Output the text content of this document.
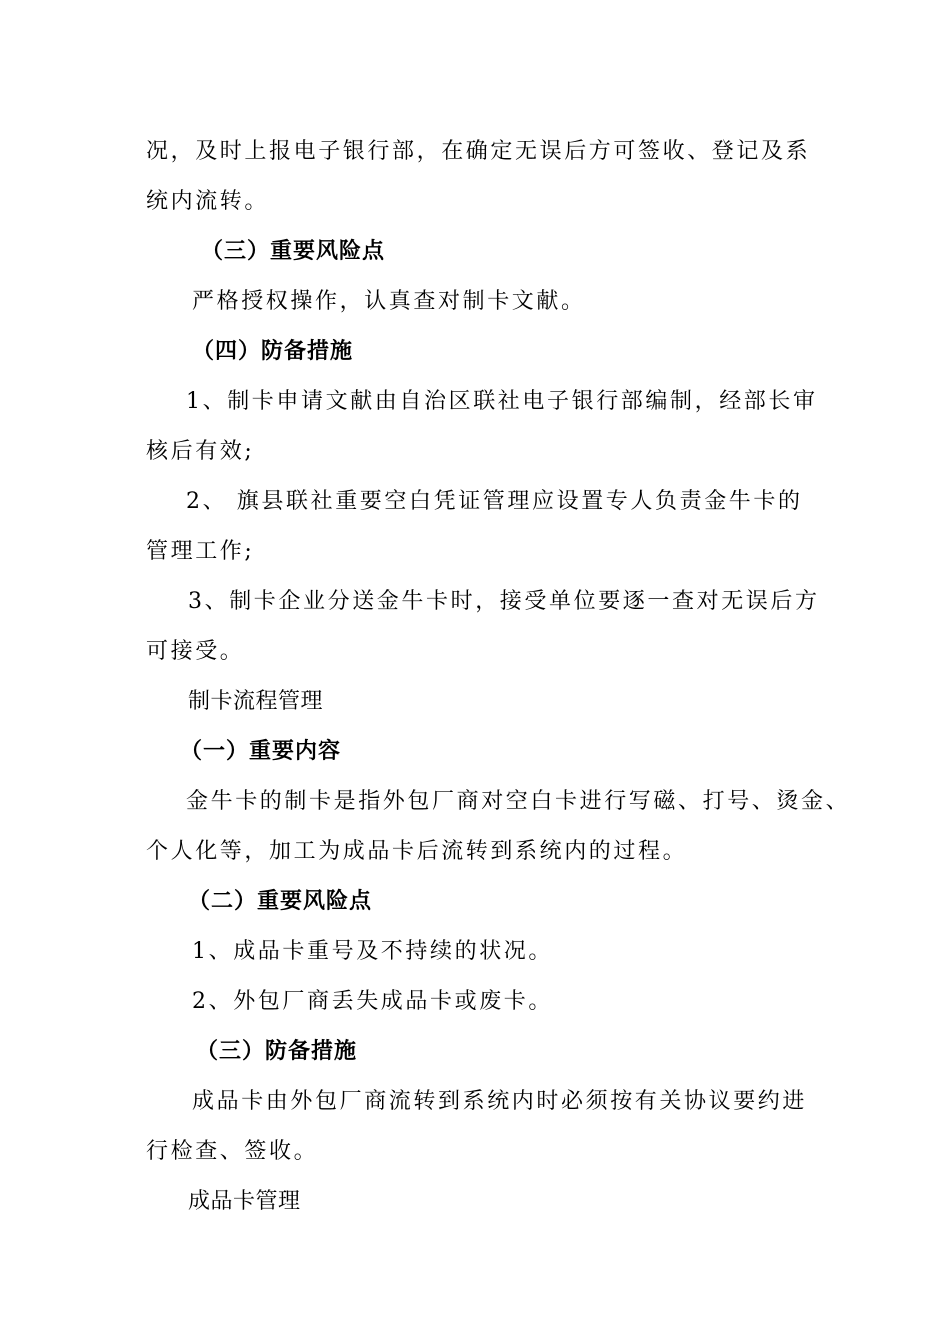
况，及时上报电子银行部，在确定无误后方可签收、登记及系
统内流转。
（三）重要风险点
严格授权操作，认真查对制卡文献。
（四）防备措施
1、制卡申请文献由自治区联社电子银行部编制，经部长审
核后有效;
2、 旗县联社重要空白凭证管理应设置专人负责金牛卡的
管理工作;
3、制卡企业分送金牛卡时，接受单位要逐一查对无误后方
可接受。
制卡流程管理
（一）重要内容
金牛卡的制卡是指外包厂商对空白卡进行写磁、打号、烫金、
个人化等，加工为成品卡后流转到系统内的过程。
（二）重要风险点
1、成品卡重号及不持续的状况。
2、外包厂商丢失成品卡或废卡。
（三）防备措施
成品卡由外包厂商流转到系统内时必须按有关协议要约进
行检查、签收。
成品卡管理
